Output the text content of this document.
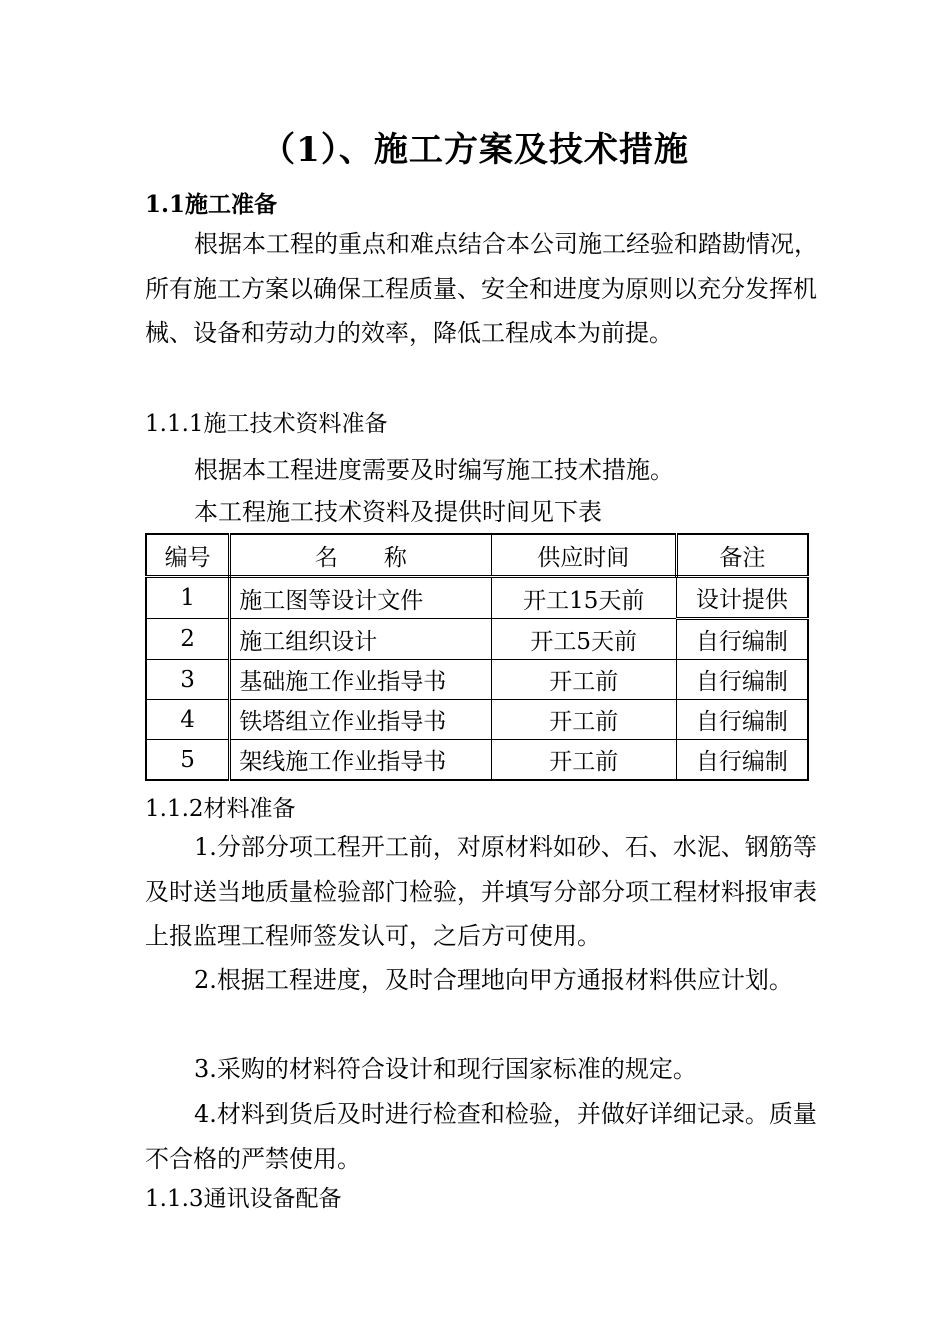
（1）、施工方案及技术措施
1.1施工准备
根据本工程的重点和难点结合本公司施工经验和踏勘情况，所有施工方案以确保工程质量、安全和进度为原则以充分发挥机械、设备和劳动力的效率，降低工程成本为前提。
1.1.1施工技术资料准备
根据本工程进度需要及时编写施工技术措施。
本工程施工技术资料及提供时间见下表
编号	名　　称	供应时间	备注
1	施工图等设计文件	开工15天前	设计提供
2	施工组织设计	开工5天前	自行编制
3	基础施工作业指导书	开工前	自行编制
4	铁塔组立作业指导书	开工前	自行编制
5	架线施工作业指导书	开工前	自行编制
1.1.2材料准备
1.分部分项工程开工前，对原材料如砂、石、水泥、钢筋等及时送当地质量检验部门检验，并填写分部分项工程材料报审表上报监理工程师签发认可，之后方可使用。
2.根据工程进度，及时合理地向甲方通报材料供应计划。
3.采购的材料符合设计和现行国家标准的规定。
4.材料到货后及时进行检查和检验，并做好详细记录。质量不合格的严禁使用。
1.1.3通讯设备配备
